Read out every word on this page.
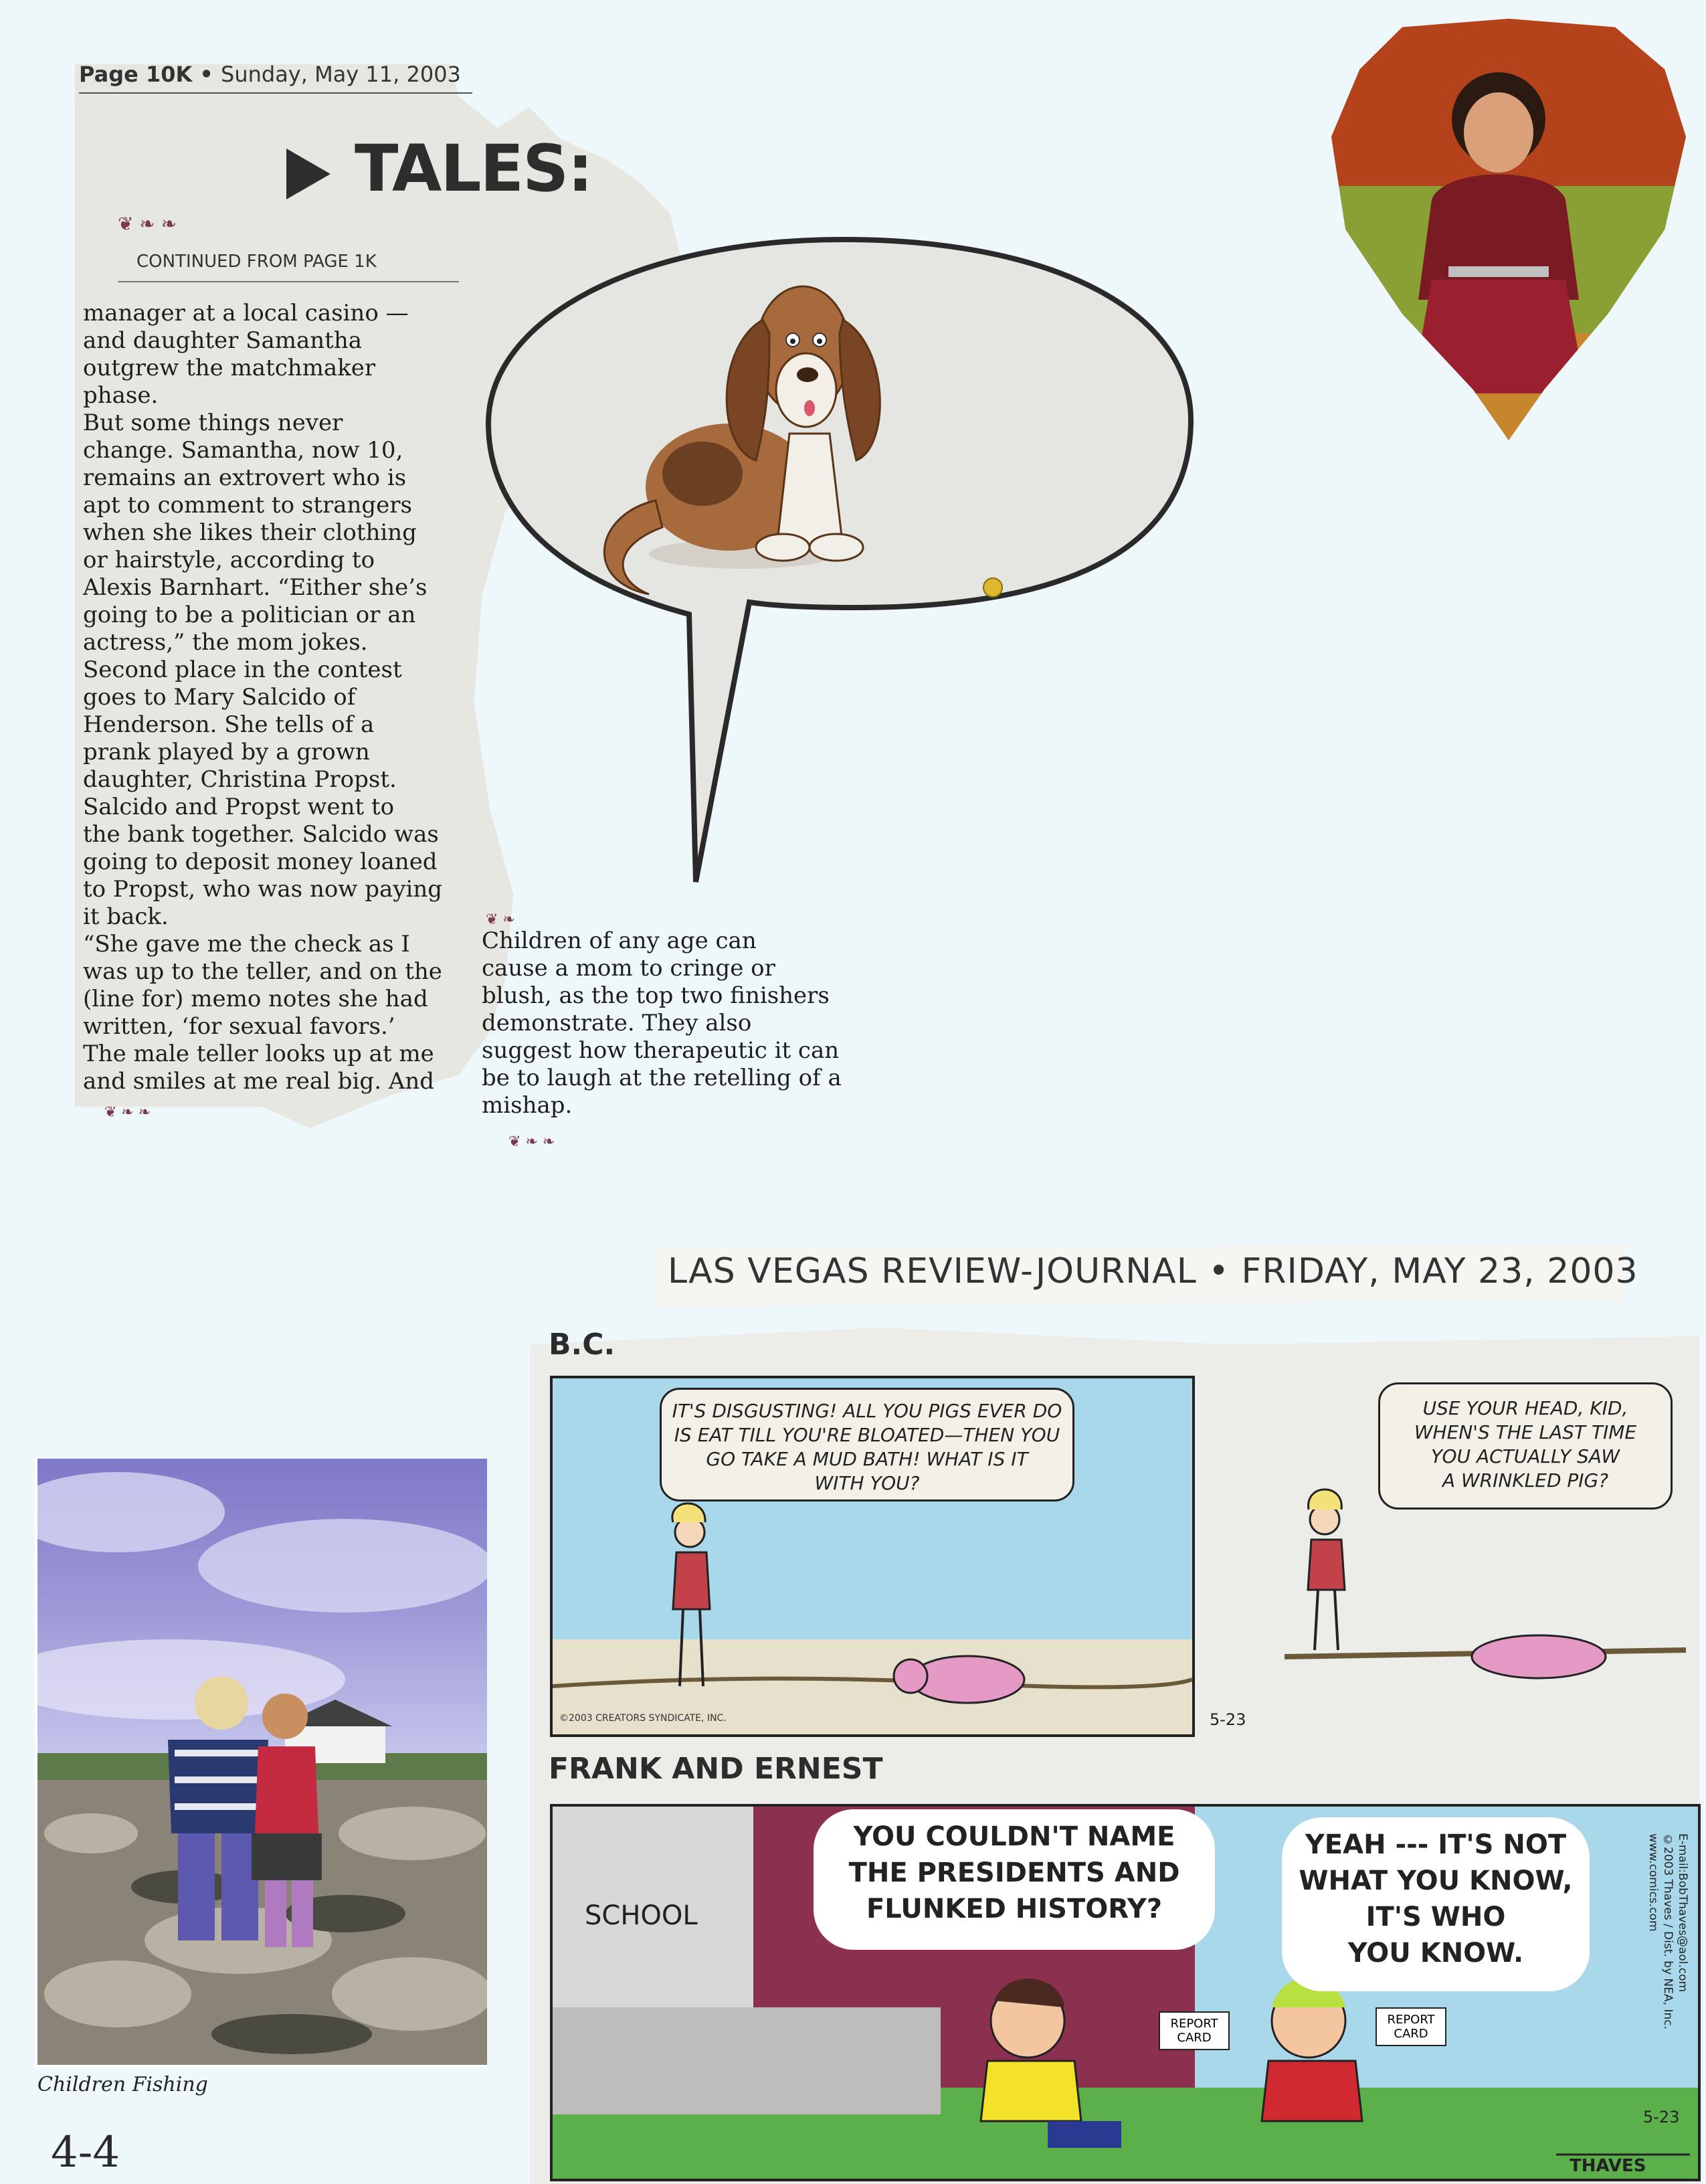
Page 10K • Sunday, May 11, 2003
TALES:
❦ ❧ ❧
CONTINUED FROM PAGE 1K
manager at a local casino —
and daughter Samantha
outgrew the matchmaker
phase.
But some things never
change. Samantha, now 10,
remains an extrovert who is
apt to comment to strangers
when she likes their clothing
or hairstyle, according to
Alexis Barnhart. “Either she’s
going to be a politician or an
actress,” the mom jokes.
Second place in the contest
goes to Mary Salcido of
Henderson. She tells of a
prank played by a grown
daughter, Christina Propst.
Salcido and Propst went to
the bank together. Salcido was
going to deposit money loaned
to Propst, who was now paying
it back.
“She gave me the check as I
was up to the teller, and on the
(line for) memo notes she had
written, ‘for sexual favors.’
The male teller looks up at me
and smiles at me real big. And
❦ ❧
Children of any age can
cause a mom to cringe or
blush, as the top two finishers
demonstrate. They also
suggest how therapeutic it can
be to laugh at the retelling of a
mishap.
❦ ❧ ❧
❦ ❧ ❧
Children Fishing
4-4
LAS VEGAS REVIEW-JOURNAL • FRIDAY, MAY 23, 2003
B.C.
IT'S DISGUSTING! ALL YOU PIGS EVER DO
IS EAT TILL YOU'RE BLOATED—THEN YOU
GO TAKE A MUD BATH! WHAT IS IT
WITH YOU?
©2003 CREATORS SYNDICATE, INC.
USE YOUR HEAD, KID,
WHEN'S THE LAST TIME
YOU ACTUALLY SAW
A WRINKLED PIG?
5-23
FRANK AND ERNEST
SCHOOL
YOU COULDN'T NAME
THE PRESIDENTS AND
FLUNKED HISTORY?
YEAH --- IT'S NOT
WHAT YOU KNOW,
IT'S WHO
YOU KNOW.
REPORT CARD
REPORT CARD
E-mail:BobThaves@aol.com
©2003 Thaves / Dist. by NEA, Inc.
www.comics.com
5-23
THAVES
